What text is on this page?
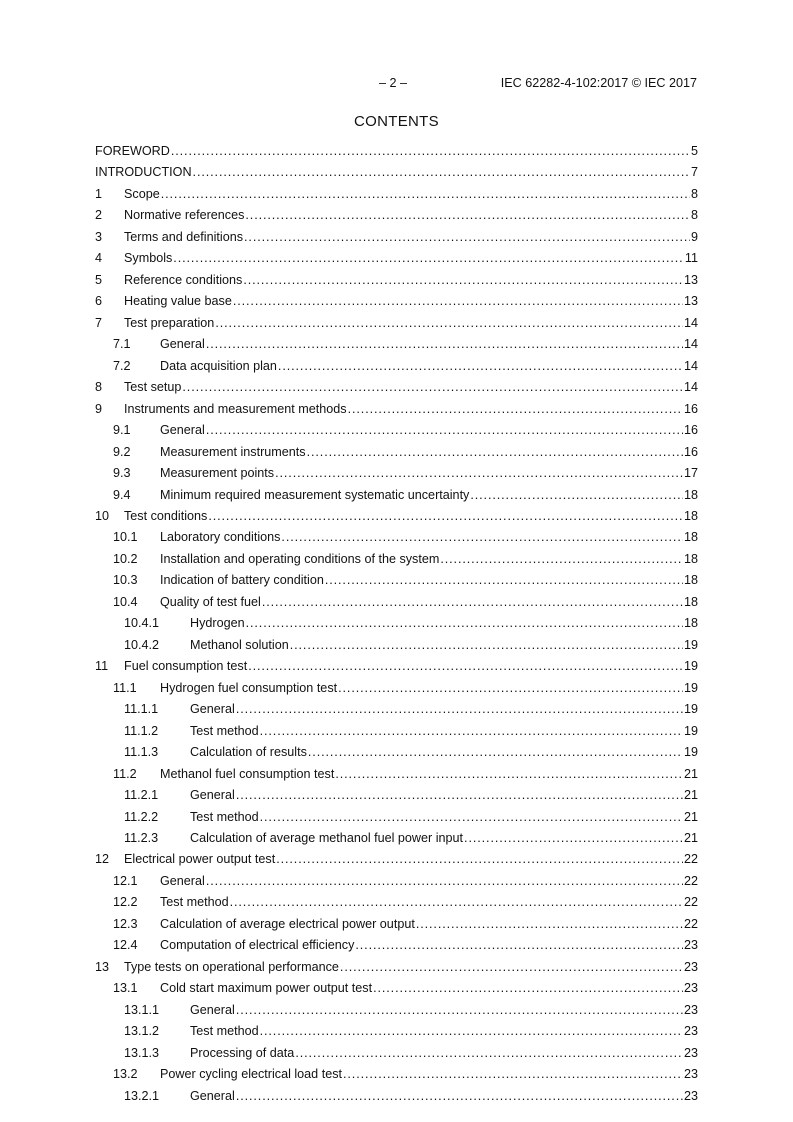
– 2 –	IEC 62282-4-102:2017 © IEC 2017
CONTENTS
FOREWORD .....	5
INTRODUCTION .....	7
1	Scope .....	8
2	Normative references .....	8
3	Terms and definitions .....	9
4	Symbols .....	11
5	Reference conditions .....	13
6	Heating value base .....	13
7	Test preparation .....	14
7.1	General .....	14
7.2	Data acquisition plan .....	14
8	Test setup .....	14
9	Instruments and measurement methods .....	16
9.1	General .....	16
9.2	Measurement instruments .....	16
9.3	Measurement points .....	17
9.4	Minimum required measurement systematic uncertainty .....	18
10	Test conditions .....	18
10.1	Laboratory conditions .....	18
10.2	Installation and operating conditions of the system .....	18
10.3	Indication of battery condition .....	18
10.4	Quality of test fuel .....	18
10.4.1	Hydrogen .....	18
10.4.2	Methanol solution .....	19
11	Fuel consumption test .....	19
11.1	Hydrogen fuel consumption test .....	19
11.1.1	General .....	19
11.1.2	Test method .....	19
11.1.3	Calculation of results .....	19
11.2	Methanol fuel consumption test .....	21
11.2.1	General .....	21
11.2.2	Test method .....	21
11.2.3	Calculation of average methanol fuel power input .....	21
12	Electrical power output test .....	22
12.1	General .....	22
12.2	Test method .....	22
12.3	Calculation of average electrical power output .....	22
12.4	Computation of electrical efficiency .....	23
13	Type tests on operational performance .....	23
13.1	Cold start maximum power output test .....	23
13.1.1	General .....	23
13.1.2	Test method .....	23
13.1.3	Processing of data .....	23
13.2	Power cycling electrical load test .....	23
13.2.1	General .....	23
